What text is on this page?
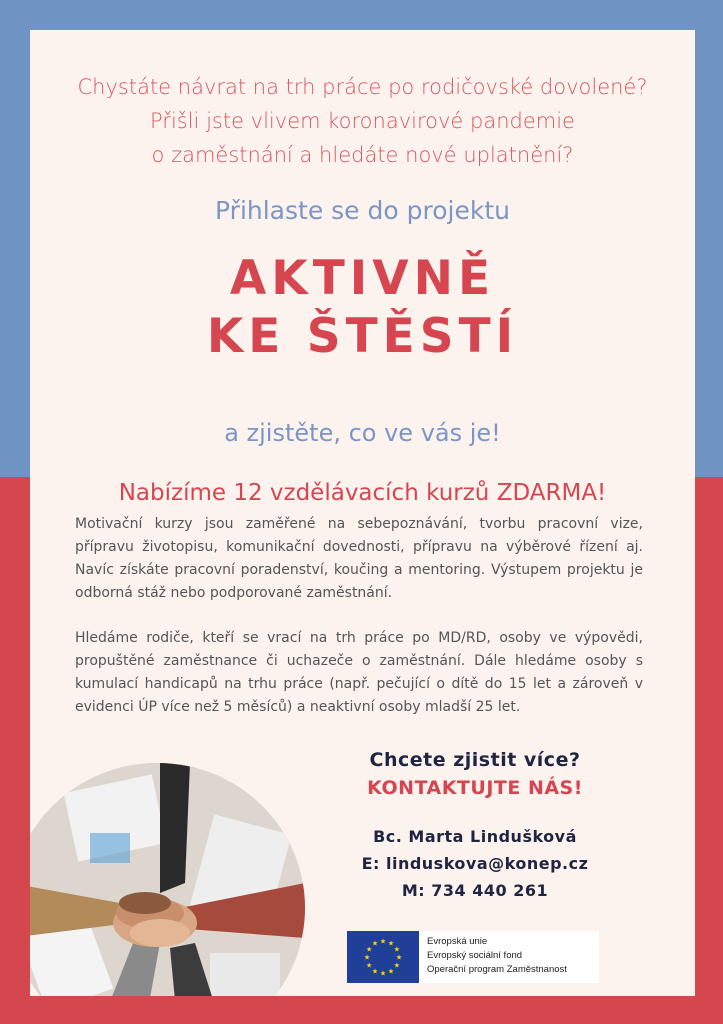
Chystáte návrat na trh práce po rodičovské dovolené?
Přišli jste vlivem koronavirové pandemie
o zaměstnání a hledáte nové uplatnění?

Přihlaste se do projektu

AKTIVNĚ
KE ŠTĚSTÍ

a zjistěte, co ve vás je!

Nabízíme 12 vzdělávacích kurzů ZDARMA!

Motivační kurzy jsou zaměřené na sebepoznávání, tvorbu pracovní vize, přípravu životopisu, komunikační dovednosti, přípravu na výběrové řízení aj. Navíc získáte pracovní poradenství, koučing a mentoring. Výstupem projektu je odborná stáž nebo podporované zaměstnání.

Hledáme rodiče, kteří se vrací na trh práce po MD/RD, osoby ve výpovědi, propuštěné zaměstnance či uchazeče o zaměstnání. Dále hledáme osoby s kumulací handicapů na trhu práce (např. pečující o dítě do 15 let a zároveň v evidenci ÚP více než 5 měsíců) a neaktivní osoby mladší 25 let.

Chcete zjistit více?

KONTAKTUJTE NÁS!

Bc. Marta Lindušková
E: linduskova@konep.cz
M: 734 440 261

★ ★
★
★
★
★
★
★
★
★
★
★	Evropská unie
Evropský sociální fond
Operační program Zaměstnanost
